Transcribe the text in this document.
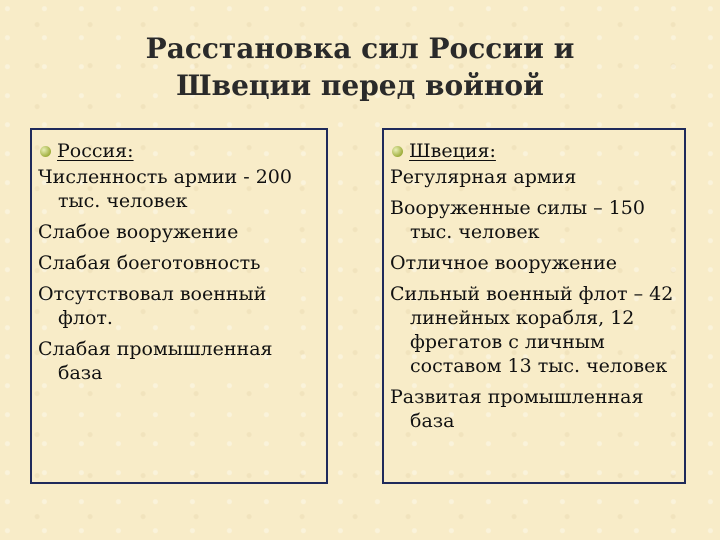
Расстановка сил России и
Швеции перед войной
Россия:
Численность армии - 200 тыс. человек
Слабое вооружение
Слабая боеготовность
Отсутствовал военный флот.
Слабая промышленная база
Швеция:
Регулярная армия
Вооруженные силы – 150 тыс. человек
Отличное вооружение
Сильный военный флот – 42 линейных корабля, 12 фрегатов с личным составом 13 тыс. человек
Развитая промышленная база
